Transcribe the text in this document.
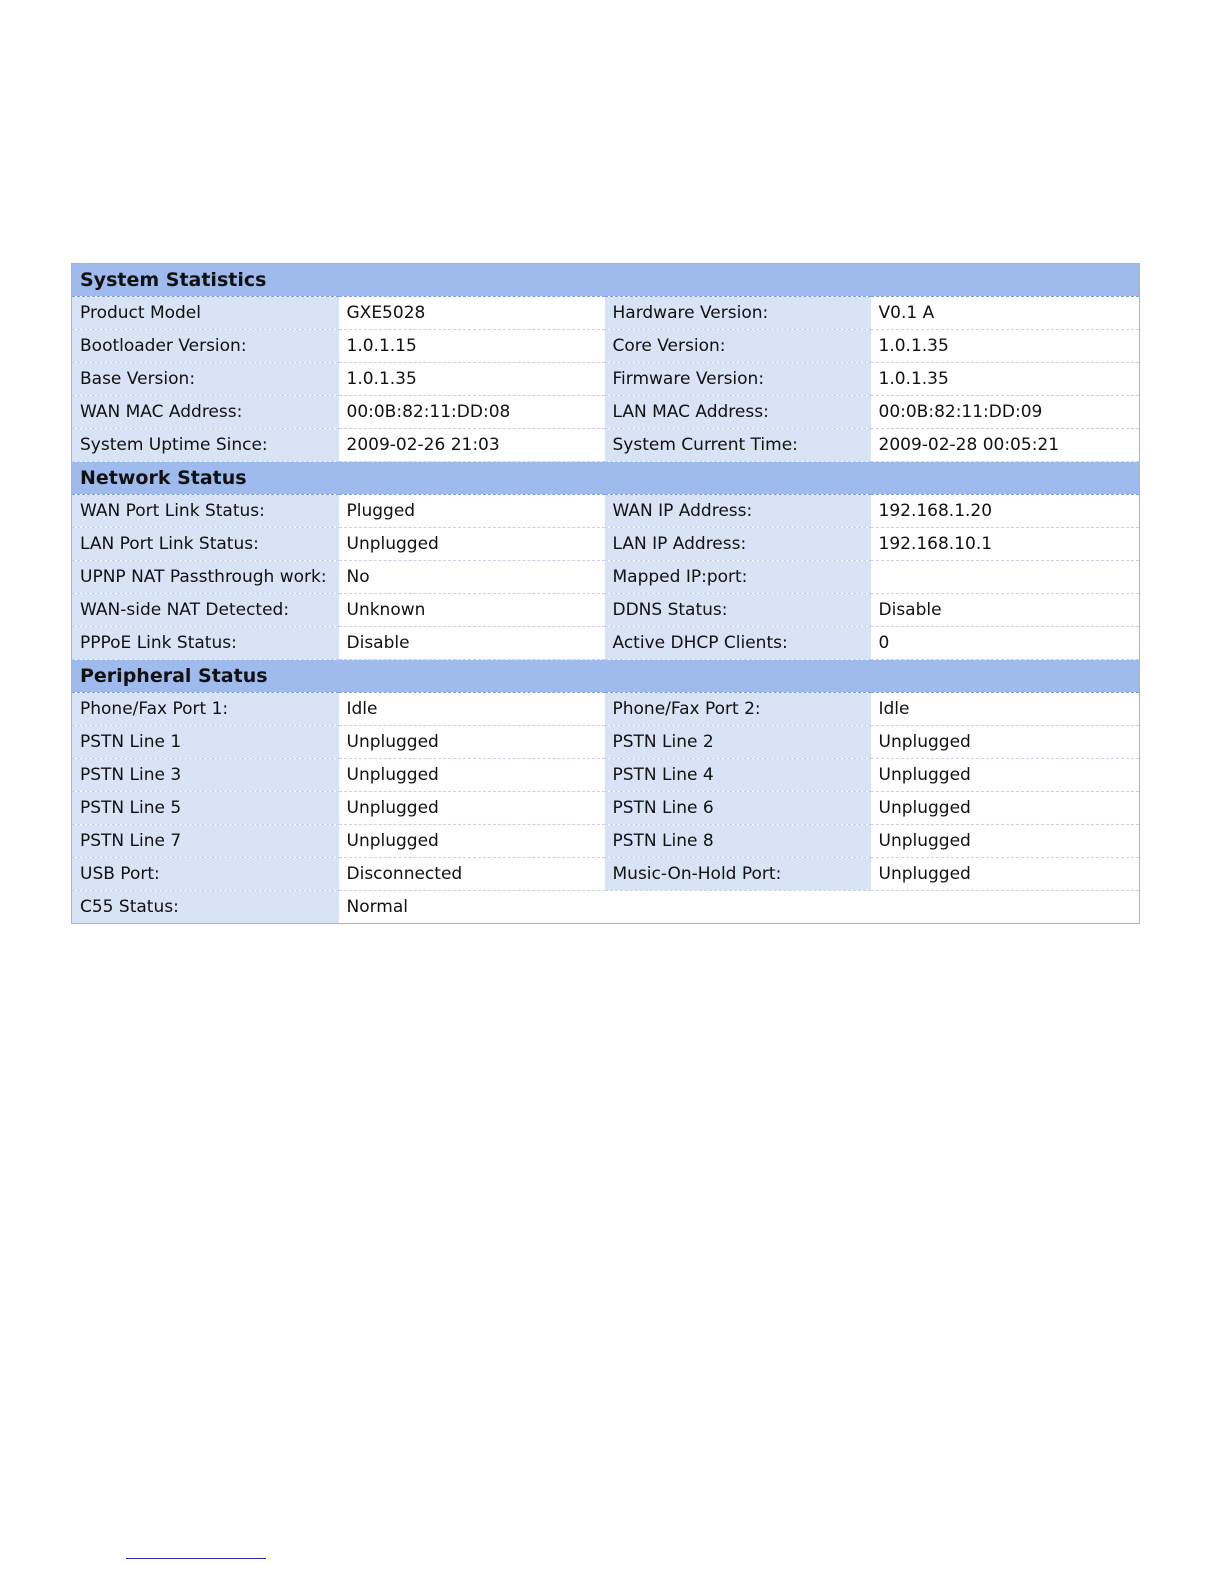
System Statistics			
Product Model	GXE5028	Hardware Version:	V0.1 A
Bootloader Version:	1.0.1.15	Core Version:	1.0.1.35
Base Version:	1.0.1.35	Firmware Version:	1.0.1.35
WAN MAC Address:	00:0B:82:11:DD:08	LAN MAC Address:	00:0B:82:11:DD:09
System Uptime Since:	2009-02-26 21:03	System Current Time:	2009-02-28 00:05:21
Network Status			
WAN Port Link Status:	Plugged	WAN IP Address:	192.168.1.20
LAN Port Link Status:	Unplugged	LAN IP Address:	192.168.10.1
UPNP NAT Passthrough work:	No	Mapped IP:port:	
WAN-side NAT Detected:	Unknown	DDNS Status:	Disable
PPPoE Link Status:	Disable	Active DHCP Clients:	0
Peripheral Status			
Phone/Fax Port 1:	Idle	Phone/Fax Port 2:	Idle
PSTN Line 1	Unplugged	PSTN Line 2	Unplugged
PSTN Line 3	Unplugged	PSTN Line 4	Unplugged
PSTN Line 5	Unplugged	PSTN Line 6	Unplugged
PSTN Line 7	Unplugged	PSTN Line 8	Unplugged
USB Port:	Disconnected	Music-On-Hold Port:	Unplugged
C55 Status:	Normal		
